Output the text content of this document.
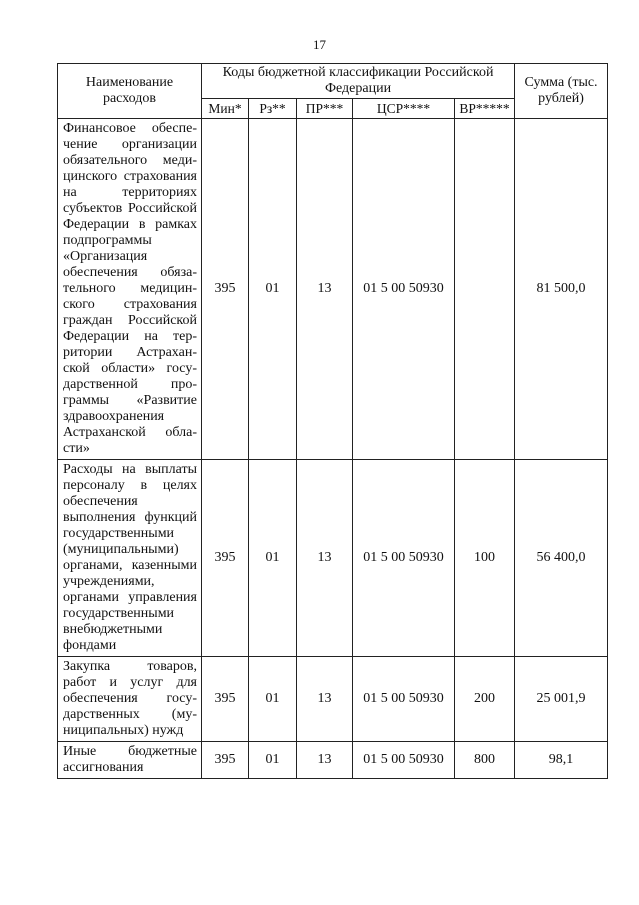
17
Наименование расходов	Коды бюджетной классификации Российской Федерации					Сумма (тыс. рублей)
	Мин*	Рз**	ПР***	ЦСР****	ВР*****	
Финансовое обеспечение организации обязательного медицинского страхования на территориях субъектов Российской Федерации в рамках подпрограммы «Организация обеспечения обязательного медицинского страхования граждан Российской Федерации на территории Астраханской области» государственной программы «Развитие здравоохранения Астраханской области»	395	01	13	01 5 00 50930		81 500,0
Расходы на выплаты персоналу в целях обеспечения выполнения функций государственными (муниципальными) органами, казенными учреждениями, органами управления государственными внебюджетными фондами	395	01	13	01 5 00 50930	100	56 400,0
Закупка товаров, работ и услуг для обеспечения государственных (муниципальных) нужд	395	01	13	01 5 00 50930	200	25 001,9
Иные бюджетные ассигнования	395	01	13	01 5 00 50930	800	98,1
